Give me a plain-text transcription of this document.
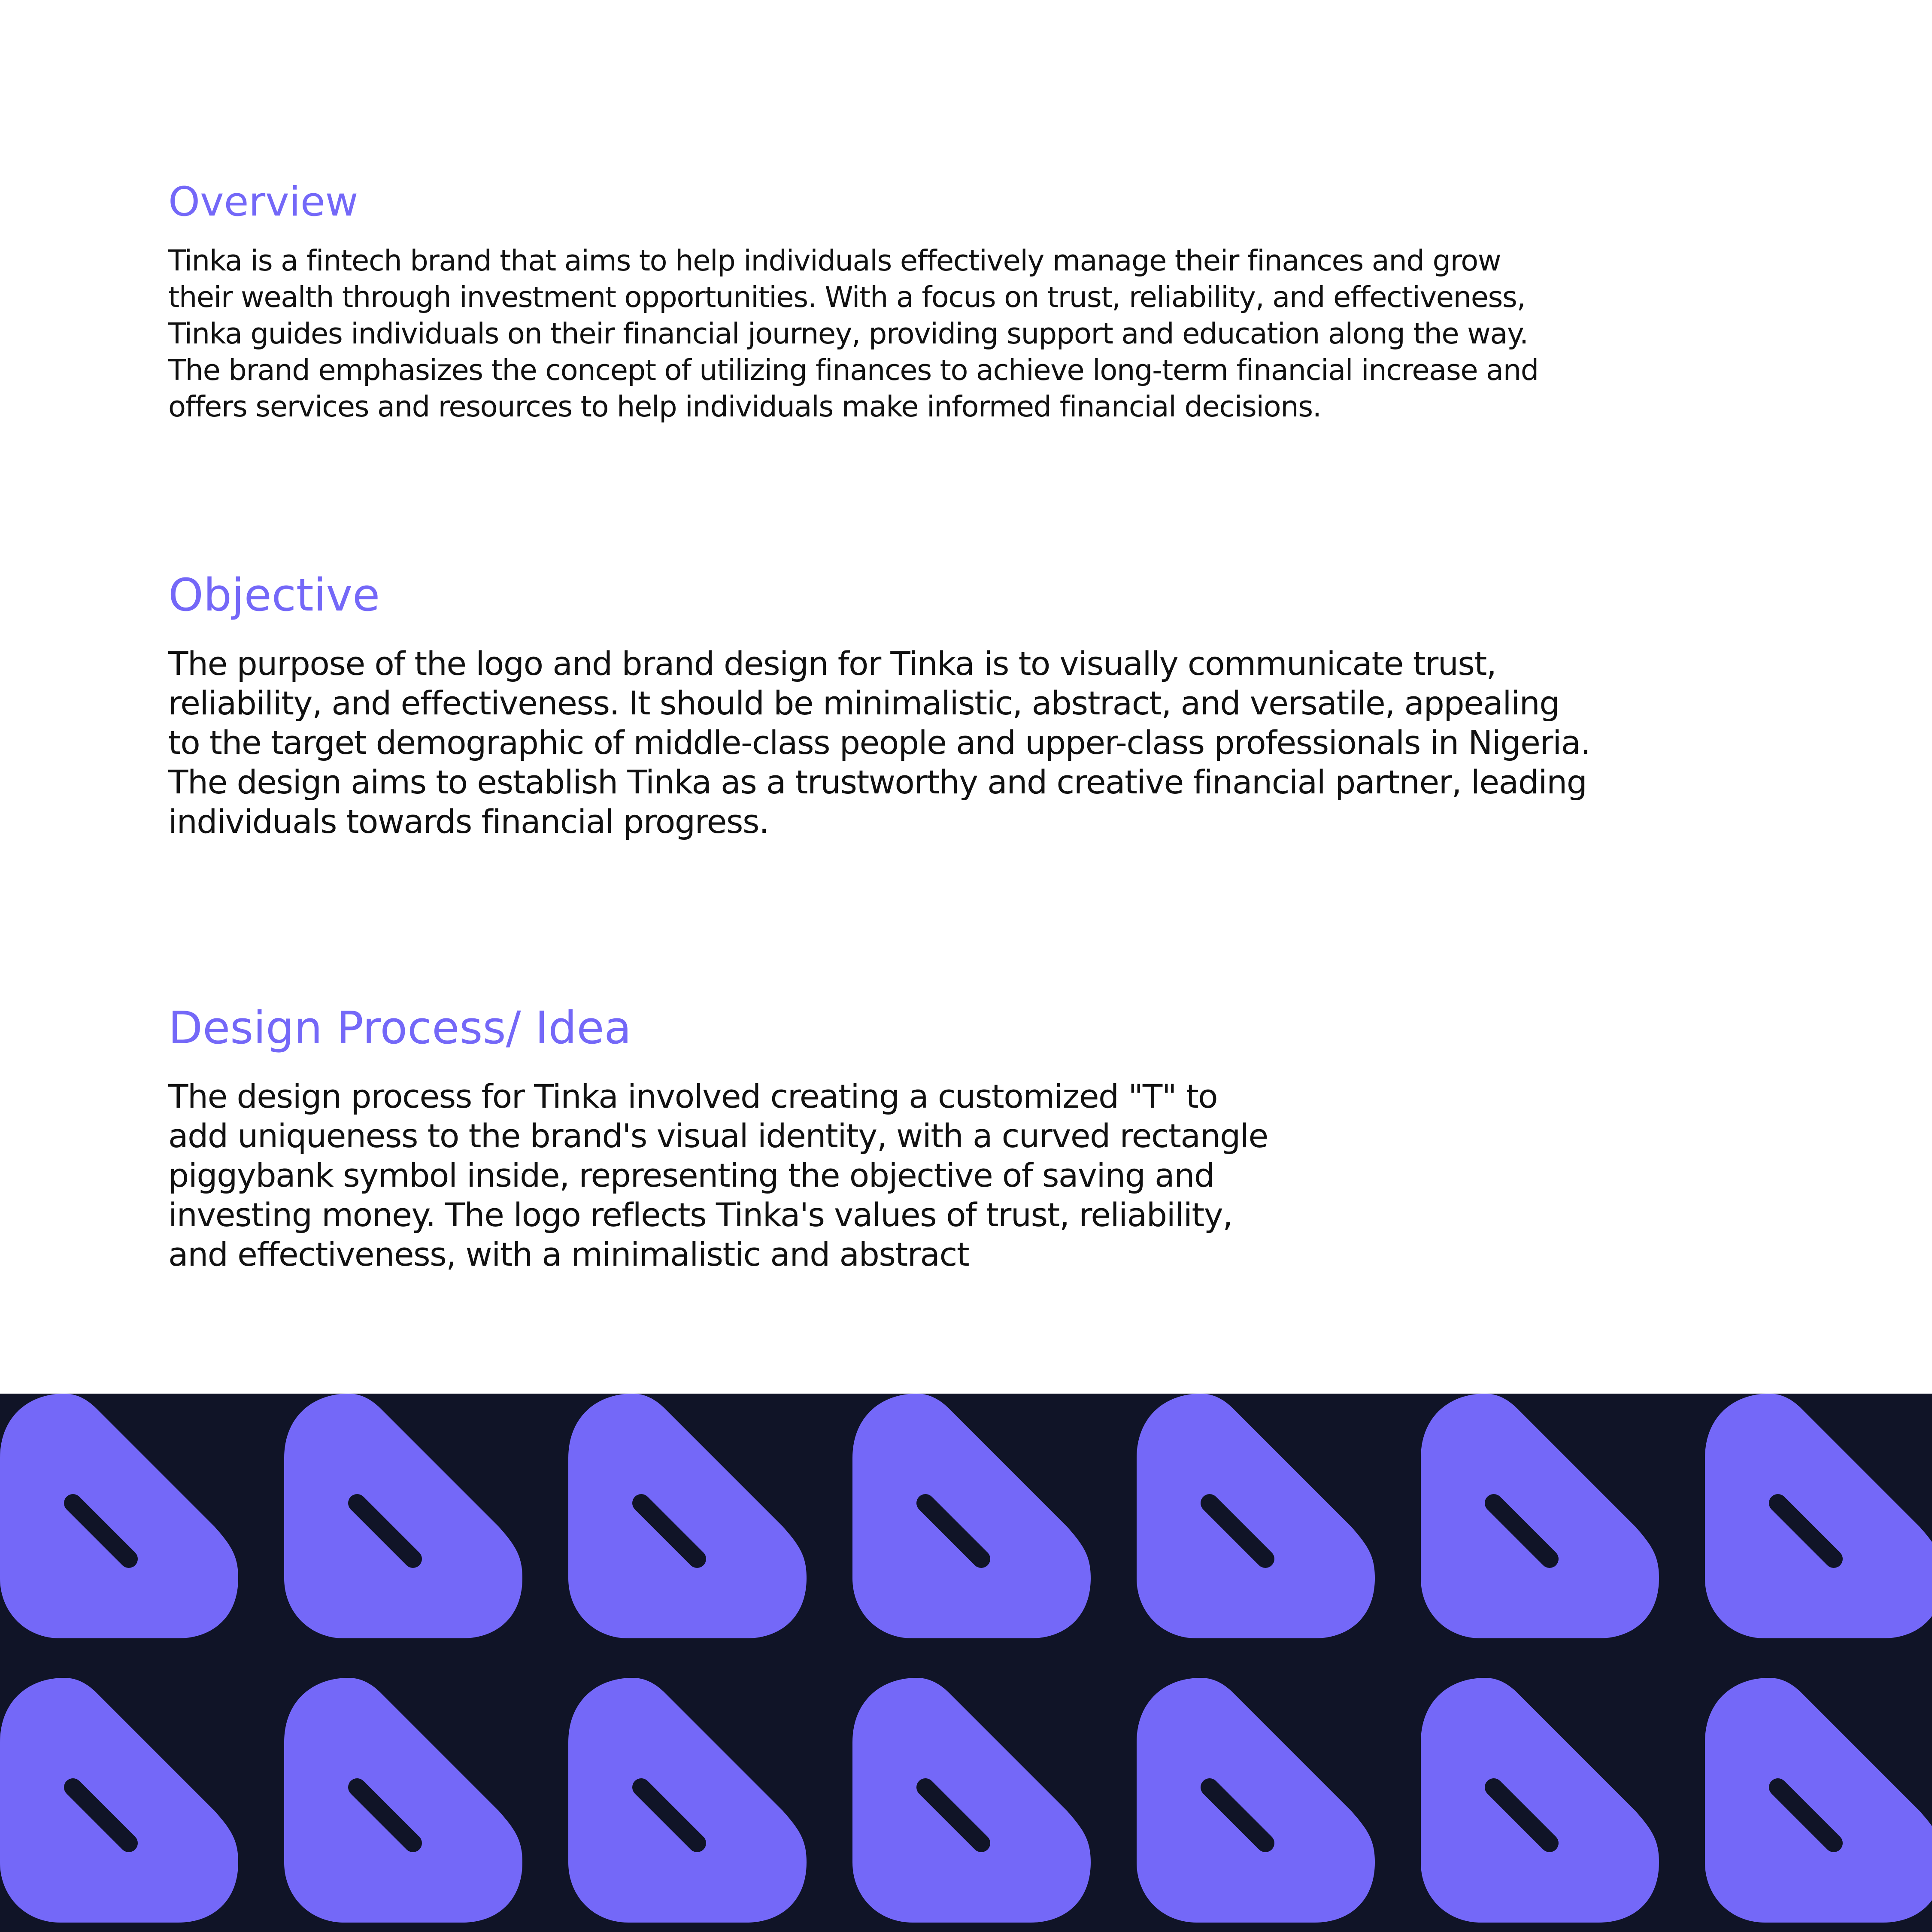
Overview
Tinka is a fintech brand that aims to help individuals effectively manage their finances and grow
their wealth through investment opportunities. With a focus on trust, reliability, and effectiveness,
Tinka guides individuals on their financial journey, providing support and education along the way.
The brand emphasizes the concept of utilizing finances to achieve long-term financial increase and
offers services and resources to help individuals make informed financial decisions.
Objective
The purpose of the logo and brand design for Tinka is to visually communicate trust,
reliability, and effectiveness. It should be minimalistic, abstract, and versatile, appealing
to the target demographic of middle-class people and upper-class professionals in Nigeria.
The design aims to establish Tinka as a trustworthy and creative financial partner, leading
individuals towards financial progress.
Design Process/ Idea
The design process for Tinka involved creating a customized "T" to
add uniqueness to the brand's visual identity, with a curved rectangle
piggybank symbol inside, representing the objective of saving and
investing money. The logo reflects Tinka's values of trust, reliability,
and effectiveness, with a minimalistic and abstract
